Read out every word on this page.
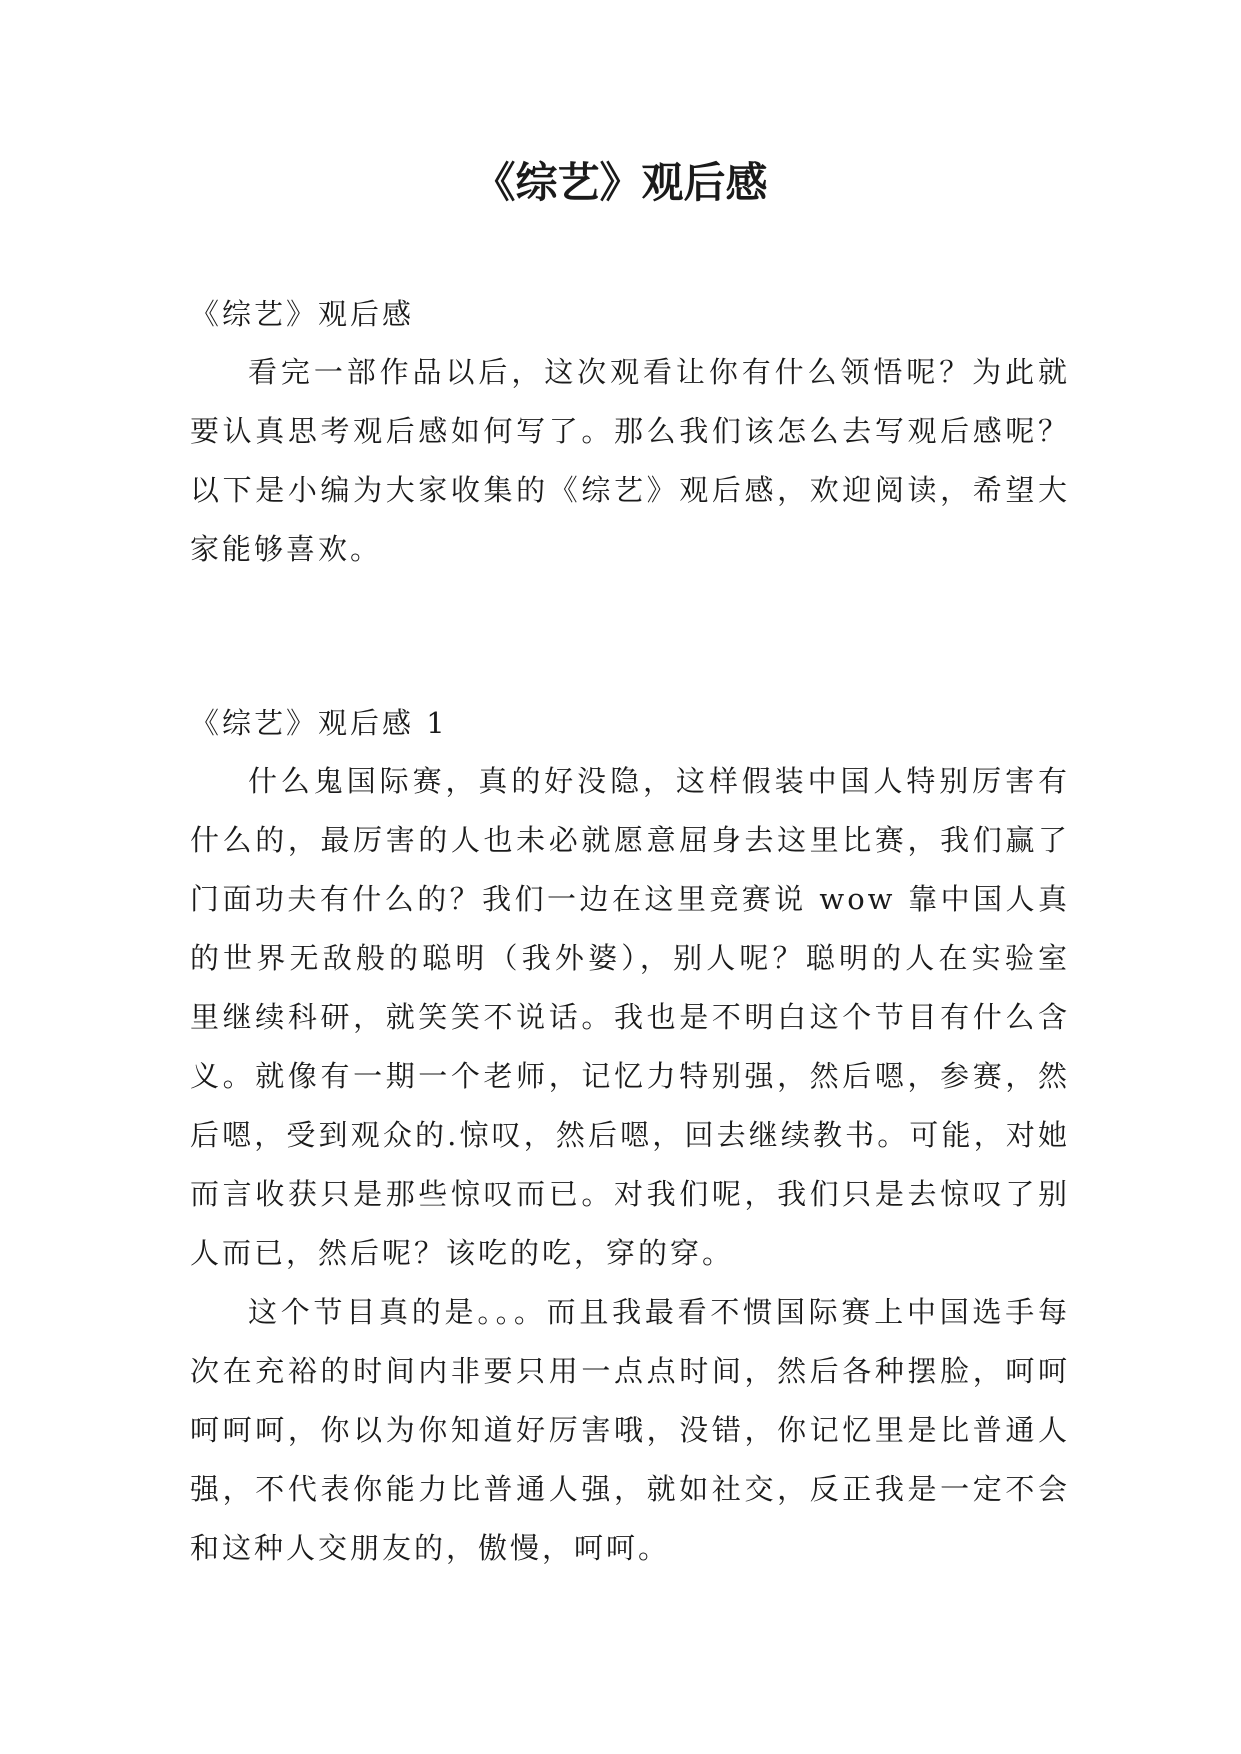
《综艺》观后感

《综艺》观后感

看完一部作品以后，这次观看让你有什么领悟呢？为此就要认真思考观后感如何写了。那么我们该怎么去写观后感呢？以下是小编为大家收集的《综艺》观后感，欢迎阅读，希望大家能够喜欢。

《综艺》观后感 1

什么鬼国际赛，真的好没隐，这样假装中国人特别厉害有什么的，最厉害的人也未必就愿意屈身去这里比赛，我们赢了门面功夫有什么的？我们一边在这里竞赛说 wow 靠中国人真的世界无敌般的聪明（我外婆），别人呢？聪明的人在实验室里继续科研，就笑笑不说话。我也是不明白这个节目有什么含义。就像有一期一个老师，记忆力特别强，然后嗯，参赛，然后嗯，受到观众的.惊叹，然后嗯，回去继续教书。可能，对她而言收获只是那些惊叹而已。对我们呢，我们只是去惊叹了别人而已，然后呢？该吃的吃，穿的穿。

这个节目真的是。。。而且我最看不惯国际赛上中国选手每次在充裕的时间内非要只用一点点时间，然后各种摆脸，呵呵呵呵呵，你以为你知道好厉害哦，没错，你记忆里是比普通人强，不代表你能力比普通人强，就如社交，反正我是一定不会和这种人交朋友的，傲慢，呵呵。
